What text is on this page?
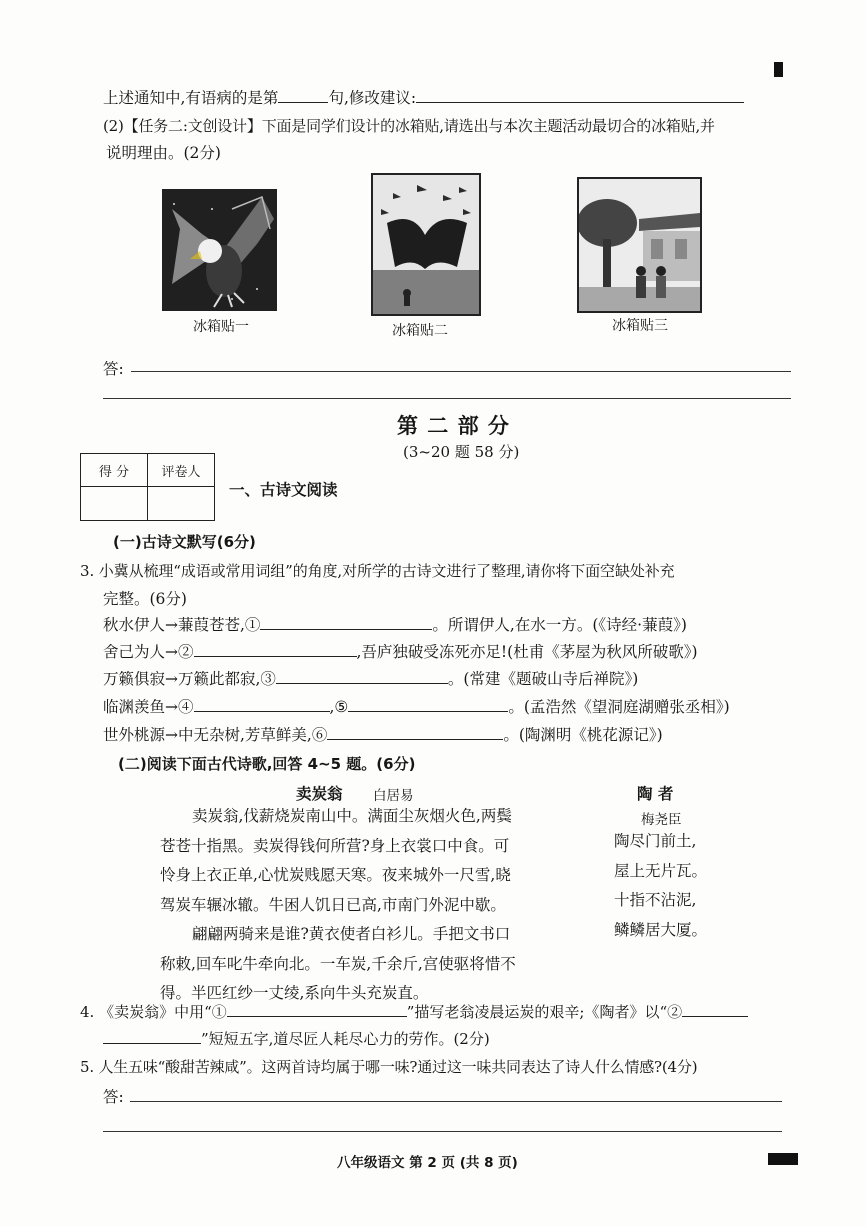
上述通知中,有语病的是第	句,修改建议:
(2)【任务二:文创设计】下面是同学们设计的冰箱贴,请选出与本次主题活动最切合的冰箱贴,并
说明理由。(2分)
冰箱贴一	冰箱贴二	冰箱贴三
答:
第 二 部 分
(3~20 题 58 分)
得 分	评卷人

一、古诗文阅读
(一)古诗文默写(6分)
3. 小冀从梳理“成语或常用词组”的角度,对所学的古诗文进行了整理,请你将下面空缺处补充
完整。(6分)
秋水伊人→蒹葭苍苍,①	。所谓伊人,在水一方。(《诗经·蒹葭》)
舍己为人→②	,吾庐独破受冻死亦足!(杜甫《茅屋为秋风所破歌》)
万籁俱寂→万籁此都寂,③	。(常建《题破山寺后禅院》)
临渊羡鱼→④	,⑤	。(孟浩然《望洞庭湖赠张丞相》)
世外桃源→中无杂树,芳草鲜美,⑥	。(陶渊明《桃花源记》)
(二)阅读下面古代诗歌,回答 4~5 题。(6分)
卖炭翁 白居易
卖炭翁,伐薪烧炭南山中。满面尘灰烟火色,两鬓
苍苍十指黑。卖炭得钱何所营?身上衣裳口中食。可
怜身上衣正单,心忧炭贱愿天寒。夜来城外一尺雪,晓
驾炭车辗冰辙。牛困人饥日已高,市南门外泥中歇。
翩翩两骑来是谁?黄衣使者白衫儿。手把文书口
称敕,回车叱牛牵向北。一车炭,千余斤,宫使驱将惜不
得。半匹红纱一丈绫,系向牛头充炭直。
陶 者
梅尧臣
陶尽门前土,
屋上无片瓦。
十指不沾泥,
鳞鳞居大厦。
4. 《卖炭翁》中用“①	”描写老翁凌晨运炭的艰辛;《陶者》以“②
”短短五字,道尽匠人耗尽心力的劳作。(2分)
5. 人生五味“酸甜苦辣咸”。这两首诗均属于哪一味?通过这一味共同表达了诗人什么情感?(4分)
答:
八年级语文 第 2 页 (共 8 页)
